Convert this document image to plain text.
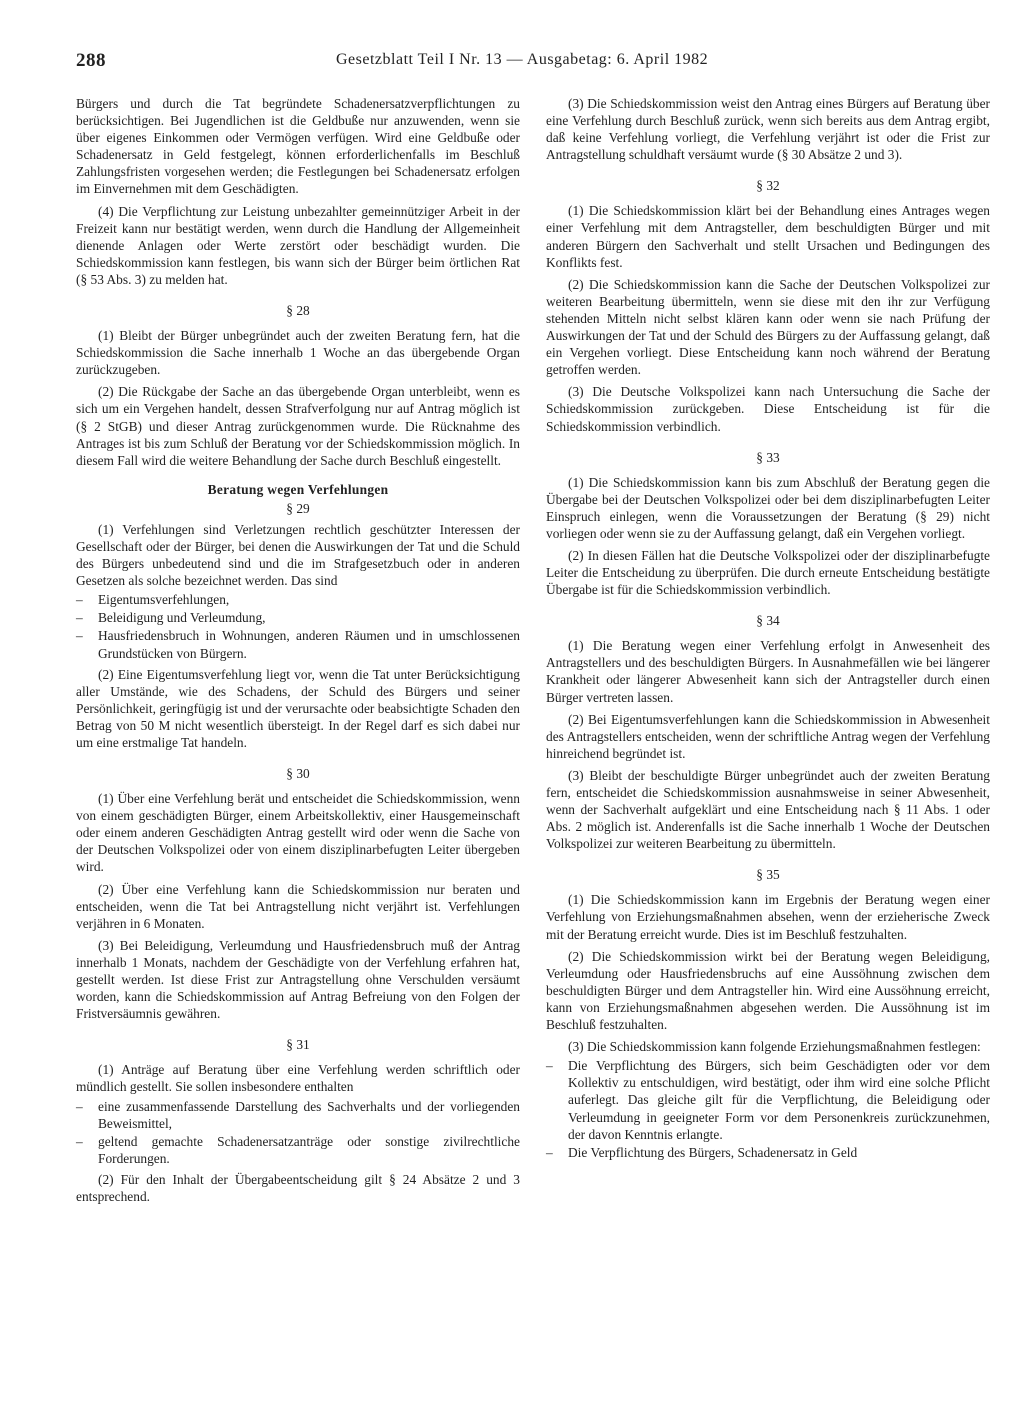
288	Gesetzblatt Teil I Nr. 13 — Ausgabetag: 6. April 1982

Bürgers und durch die Tat begründete Schadenersatzverpflichtungen zu berücksichtigen. Bei Jugendlichen ist die Geldbuße nur anzuwenden, wenn sie über eigenes Einkommen oder Vermögen verfügen. Wird eine Geldbuße oder Schadenersatz in Geld festgelegt, können erforderlichenfalls im Beschluß Zahlungsfristen vorgesehen werden; die Festlegungen bei Schadenersatz erfolgen im Einvernehmen mit dem Geschädigten.

(4) Die Verpflichtung zur Leistung unbezahlter gemeinnütziger Arbeit in der Freizeit kann nur bestätigt werden, wenn durch die Handlung der Allgemeinheit dienende Anlagen oder Werte zerstört oder beschädigt wurden. Die Schiedskommission kann festlegen, bis wann sich der Bürger beim örtlichen Rat (§ 53 Abs. 3) zu melden hat.

§ 28

(1) Bleibt der Bürger unbegründet auch der zweiten Beratung fern, hat die Schiedskommission die Sache innerhalb 1 Woche an das übergebende Organ zurückzugeben.

(2) Die Rückgabe der Sache an das übergebende Organ unterbleibt, wenn es sich um ein Vergehen handelt, dessen Strafverfolgung nur auf Antrag möglich ist (§ 2 StGB) und dieser Antrag zurückgenommen wurde. Die Rücknahme des Antrages ist bis zum Schluß der Beratung vor der Schiedskommission möglich. In diesem Fall wird die weitere Behandlung der Sache durch Beschluß eingestellt.

Beratung wegen Verfehlungen
§ 29

(1) Verfehlungen sind Verletzungen rechtlich geschützter Interessen der Gesellschaft oder der Bürger, bei denen die Auswirkungen der Tat und die Schuld des Bürgers unbedeutend sind und die im Strafgesetzbuch oder in anderen Gesetzen als solche bezeichnet werden. Das sind

–	Eigentumsverfehlungen,
–	Beleidigung und Verleumdung,
–	Hausfriedensbruch in Wohnungen, anderen Räumen und in umschlossenen Grundstücken von Bürgern.

(2) Eine Eigentumsverfehlung liegt vor, wenn die Tat unter Berücksichtigung aller Umstände, wie des Schadens, der Schuld des Bürgers und seiner Persönlichkeit, geringfügig ist und der verursachte oder beabsichtigte Schaden den Betrag von 50 M nicht wesentlich übersteigt. In der Regel darf es sich dabei nur um eine erstmalige Tat handeln.

§ 30

(1) Über eine Verfehlung berät und entscheidet die Schiedskommission, wenn von einem geschädigten Bürger, einem Arbeitskollektiv, einer Hausgemeinschaft oder einem anderen Geschädigten Antrag gestellt wird oder wenn die Sache von der Deutschen Volkspolizei oder von einem disziplinarbefugten Leiter übergeben wird.

(2) Über eine Verfehlung kann die Schiedskommission nur beraten und entscheiden, wenn die Tat bei Antragstellung nicht verjährt ist. Verfehlungen verjähren in 6 Monaten.

(3) Bei Beleidigung, Verleumdung und Hausfriedensbruch muß der Antrag innerhalb 1 Monats, nachdem der Geschädigte von der Verfehlung erfahren hat, gestellt werden. Ist diese Frist zur Antragstellung ohne Verschulden versäumt worden, kann die Schiedskommission auf Antrag Befreiung von den Folgen der Fristversäumnis gewähren.

§ 31

(1) Anträge auf Beratung über eine Verfehlung werden schriftlich oder mündlich gestellt. Sie sollen insbesondere enthalten

–	eine zusammenfassende Darstellung des Sachverhalts und der vorliegenden Beweismittel,
–	geltend gemachte Schadenersatzanträge oder sonstige zivilrechtliche Forderungen.

(2) Für den Inhalt der Übergabeentscheidung gilt § 24 Absätze 2 und 3 entsprechend.

(3) Die Schiedskommission weist den Antrag eines Bürgers auf Beratung über eine Verfehlung durch Beschluß zurück, wenn sich bereits aus dem Antrag ergibt, daß keine Verfehlung vorliegt, die Verfehlung verjährt ist oder die Frist zur Antragstellung schuldhaft versäumt wurde (§ 30 Absätze 2 und 3).

§ 32

(1) Die Schiedskommission klärt bei der Behandlung eines Antrages wegen einer Verfehlung mit dem Antragsteller, dem beschuldigten Bürger und mit anderen Bürgern den Sachverhalt und stellt Ursachen und Bedingungen des Konflikts fest.

(2) Die Schiedskommission kann die Sache der Deutschen Volkspolizei zur weiteren Bearbeitung übermitteln, wenn sie diese mit den ihr zur Verfügung stehenden Mitteln nicht selbst klären kann oder wenn sie nach Prüfung der Auswirkungen der Tat und der Schuld des Bürgers zu der Auffassung gelangt, daß ein Vergehen vorliegt. Diese Entscheidung kann noch während der Beratung getroffen werden.

(3) Die Deutsche Volkspolizei kann nach Untersuchung die Sache der Schiedskommission zurückgeben. Diese Entscheidung ist für die Schiedskommission verbindlich.

§ 33

(1) Die Schiedskommission kann bis zum Abschluß der Beratung gegen die Übergabe bei der Deutschen Volkspolizei oder bei dem disziplinarbefugten Leiter Einspruch einlegen, wenn die Voraussetzungen der Beratung (§ 29) nicht vorliegen oder wenn sie zu der Auffassung gelangt, daß ein Vergehen vorliegt.

(2) In diesen Fällen hat die Deutsche Volkspolizei oder der disziplinarbefugte Leiter die Entscheidung zu überprüfen. Die durch erneute Entscheidung bestätigte Übergabe ist für die Schiedskommission verbindlich.

§ 34

(1) Die Beratung wegen einer Verfehlung erfolgt in Anwesenheit des Antragstellers und des beschuldigten Bürgers. In Ausnahmefällen wie bei längerer Krankheit oder längerer Abwesenheit kann sich der Antragsteller durch einen Bürger vertreten lassen.

(2) Bei Eigentumsverfehlungen kann die Schiedskommission in Abwesenheit des Antragstellers entscheiden, wenn der schriftliche Antrag wegen der Verfehlung hinreichend begründet ist.

(3) Bleibt der beschuldigte Bürger unbegründet auch der zweiten Beratung fern, entscheidet die Schiedskommission ausnahmsweise in seiner Abwesenheit, wenn der Sachverhalt aufgeklärt und eine Entscheidung nach § 11 Abs. 1 oder Abs. 2 möglich ist. Anderenfalls ist die Sache innerhalb 1 Woche der Deutschen Volkspolizei zur weiteren Bearbeitung zu übermitteln.

§ 35

(1) Die Schiedskommission kann im Ergebnis der Beratung wegen einer Verfehlung von Erziehungsmaßnahmen absehen, wenn der erzieherische Zweck mit der Beratung erreicht wurde. Dies ist im Beschluß festzuhalten.

(2) Die Schiedskommission wirkt bei der Beratung wegen Beleidigung, Verleumdung oder Hausfriedensbruchs auf eine Aussöhnung zwischen dem beschuldigten Bürger und dem Antragsteller hin. Wird eine Aussöhnung erreicht, kann von Erziehungsmaßnahmen abgesehen werden. Die Aussöhnung ist im Beschluß festzuhalten.

(3) Die Schiedskommission kann folgende Erziehungsmaßnahmen festlegen:

–	Die Verpflichtung des Bürgers, sich beim Geschädigten oder vor dem Kollektiv zu entschuldigen, wird bestätigt, oder ihm wird eine solche Pflicht auferlegt. Das gleiche gilt für die Verpflichtung, die Beleidigung oder Verleumdung in geeigneter Form vor dem Personenkreis zurückzunehmen, der davon Kenntnis erlangte.
–	Die Verpflichtung des Bürgers, Schadenersatz in Geld
